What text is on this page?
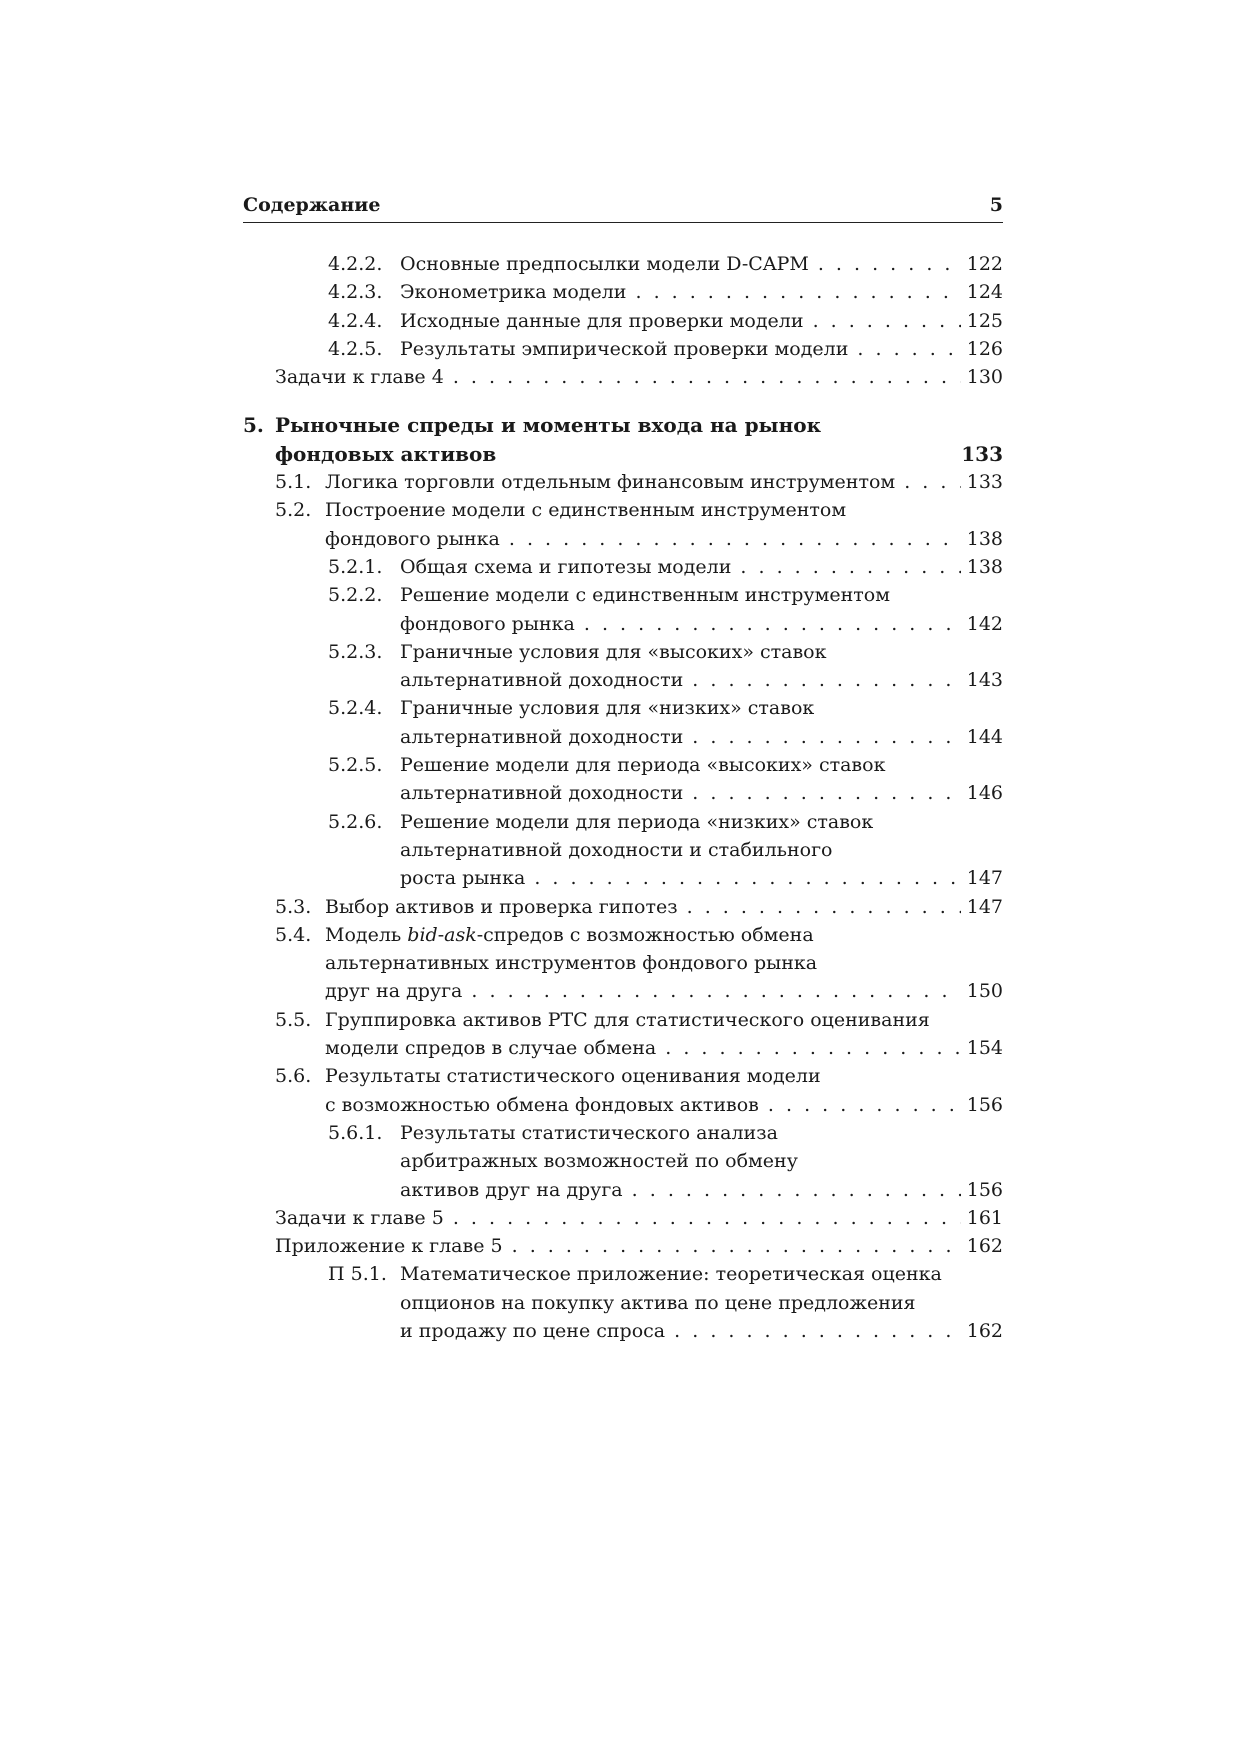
Содержание	5
4.2.2. Основные предпосылки модели D-CAPM . . .	122
4.2.3. Эконометрика модели . . .	124
4.2.4. Исходные данные для проверки модели . . .	125
4.2.5. Результаты эмпирической проверки модели . . .	126
Задачи к главе 4 . . .	130
5. Рыночные спреды и моменты входа на рынок
фондовых активов	133
5.1. Логика торговли отдельным финансовым инструментом . . .	133
5.2. Построение модели с единственным инструментом
фондового рынка . . .	138
5.2.1. Общая схема и гипотезы модели . . .	138
5.2.2. Решение модели с единственным инструментом
фондового рынка . . .	142
5.2.3. Граничные условия для «высоких» ставок
альтернативной доходности . . .	143
5.2.4. Граничные условия для «низких» ставок
альтернативной доходности . . .	144
5.2.5. Решение модели для периода «высоких» ставок
альтернативной доходности . . .	146
5.2.6. Решение модели для периода «низких» ставок
альтернативной доходности и стабильного
роста рынка . . .	147
5.3. Выбор активов и проверка гипотез . . .	147
5.4. Модель bid-ask-спредов с возможностью обмена
альтернативных инструментов фондового рынка
друг на друга . . .	150
5.5. Группировка активов РТС для статистического оценивания
модели спредов в случае обмена . . .	154
5.6. Результаты статистического оценивания модели
с возможностью обмена фондовых активов . . .	156
5.6.1. Результаты статистического анализа
арбитражных возможностей по обмену
активов друг на друга . . .	156
Задачи к главе 5 . . .	161
Приложение к главе 5 . . .	162
П 5.1. Математическое приложение: теоретическая оценка
опционов на покупку актива по цене предложения
и продажу по цене спроса . . .	162
